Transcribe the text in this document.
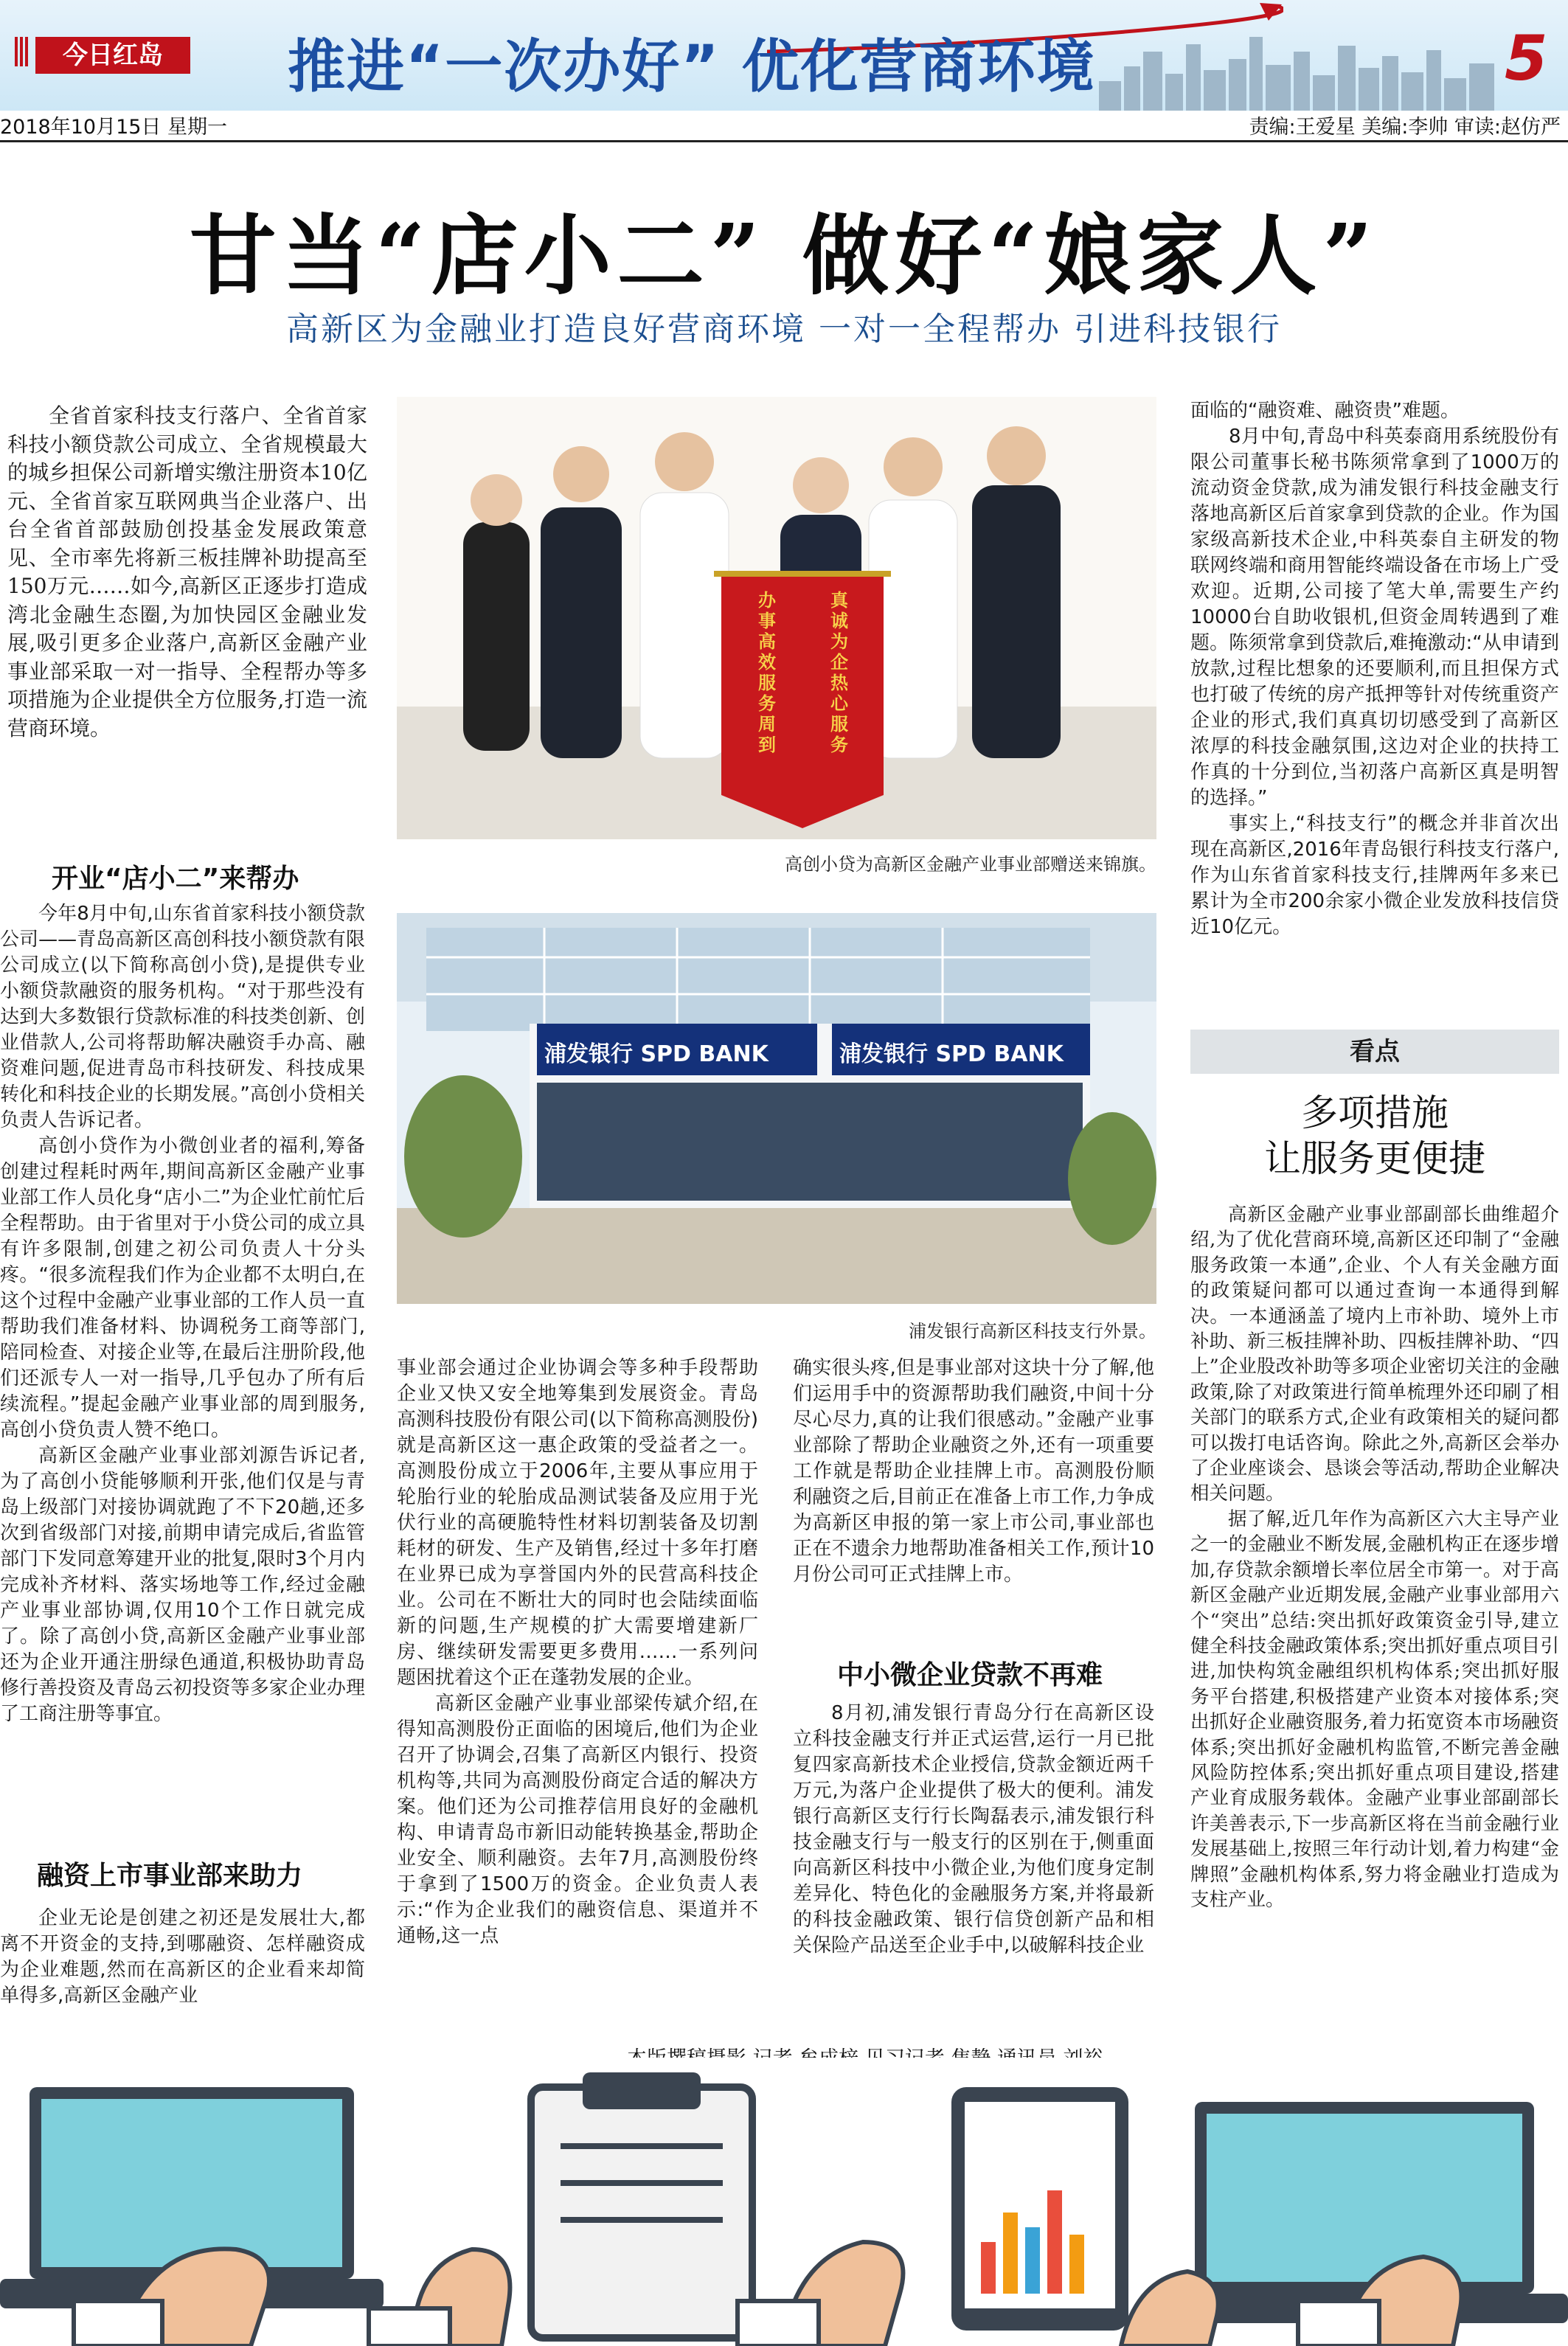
今日红岛	推进“一次办好” 优化营商环境	5
2018年10月15日 星期一	责编:王爱星 美编:李帅 审读:赵仿严
甘当“店小二” 做好“娘家人”
高新区为金融业打造良好营商环境 一对一全程帮办 引进科技银行

全省首家科技支行落户、全省首家科技小额贷款公司成立、全省规模最大的城乡担保公司新增实缴注册资本10亿元、全省首家互联网典当企业落户、出台全省首部鼓励创投基金发展政策意见、全市率先将新三板挂牌补助提高至150万元……如今,高新区正逐步打造成湾北金融生态圈,为加快园区金融业发展,吸引更多企业落户,高新区金融产业事业部采取一对一指导、全程帮办等多项措施为企业提供全方位服务,打造一流营商环境。

开业“店小二”来帮办

今年8月中旬,山东省首家科技小额贷款公司——青岛高新区高创科技小额贷款有限公司成立(以下简称高创小贷),是提供专业小额贷款融资的服务机构。“对于那些没有达到大多数银行贷款标准的科技类创新、创业借款人,公司将帮助解决融资手办高、融资难问题,促进青岛市科技研发、科技成果转化和科技企业的长期发展。”高创小贷相关负责人告诉记者。

高创小贷作为小微创业者的福利,筹备创建过程耗时两年,期间高新区金融产业事业部工作人员化身“店小二”为企业忙前忙后全程帮助。由于省里对于小贷公司的成立具有许多限制,创建之初公司负责人十分头疼。“很多流程我们作为企业都不太明白,在这个过程中金融产业事业部的工作人员一直帮助我们准备材料、协调税务工商等部门,陪同检查、对接企业等,在最后注册阶段,他们还派专人一对一指导,几乎包办了所有后续流程。”提起金融产业事业部的周到服务,高创小贷负责人赞不绝口。

高新区金融产业事业部刘源告诉记者,为了高创小贷能够顺利开张,他们仅是与青岛上级部门对接协调就跑了不下20趟,还多次到省级部门对接,前期申请完成后,省监管部门下发同意筹建开业的批复,限时3个月内完成补齐材料、落实场地等工作,经过金融产业事业部协调,仅用10个工作日就完成了。除了高创小贷,高新区金融产业事业部还为企业开通注册绿色通道,积极协助青岛修行善投资及青岛云初投资等多家企业办理了工商注册等事宜。

融资上市事业部来助力

企业无论是创建之初还是发展壮大,都离不开资金的支持,到哪融资、怎样融资成为企业难题,然而在高新区的企业看来却简单得多,高新区金融产业

真诚为企 热心服务
办事高效 服务周到
高创小贷为高新区金融产业事业部赠送来锦旗。
浦发银行 SPD BANK	浦发银行 SPD BANK
浦发银行高新区科技支行外景。

事业部会通过企业协调会等多种手段帮助企业又快又安全地筹集到发展资金。青岛高测科技股份有限公司(以下简称高测股份)就是高新区这一惠企政策的受益者之一。高测股份成立于2006年,主要从事应用于轮胎行业的轮胎成品测试装备及应用于光伏行业的高硬脆特性材料切割装备及切割耗材的研发、生产及销售,经过十多年打磨在业界已成为享誉国内外的民营高科技企业。公司在不断壮大的同时也会陆续面临新的问题,生产规模的扩大需要增建新厂房、继续研发需要更多费用……一系列问题困扰着这个正在蓬勃发展的企业。

高新区金融产业事业部梁传斌介绍,在得知高测股份正面临的困境后,他们为企业召开了协调会,召集了高新区内银行、投资机构等,共同为高测股份商定合适的解决方案。他们还为公司推荐信用良好的金融机构、申请青岛市新旧动能转换基金,帮助企业安全、顺利融资。去年7月,高测股份终于拿到了1500万的资金。企业负责人表示:“作为企业我们的融资信息、渠道并不通畅,这一点

确实很头疼,但是事业部对这块十分了解,他们运用手中的资源帮助我们融资,中间十分尽心尽力,真的让我们很感动。”金融产业事业部除了帮助企业融资之外,还有一项重要工作就是帮助企业挂牌上市。高测股份顺利融资之后,目前正在准备上市工作,力争成为高新区申报的第一家上市公司,事业部也正在不遗余力地帮助准备相关工作,预计10月份公司可正式挂牌上市。

中小微企业贷款不再难

8月初,浦发银行青岛分行在高新区设立科技金融支行并正式运营,运行一月已批复四家高新技术企业授信,贷款金额近两千万元,为落户企业提供了极大的便利。浦发银行高新区支行行长陶磊表示,浦发银行科技金融支行与一般支行的区别在于,侧重面向高新区科技中小微企业,为他们度身定制差异化、特色化的金融服务方案,并将最新的科技金融政策、银行信贷创新产品和相关保险产品送至企业手中,以破解科技企业

面临的“融资难、融资贵”难题。

8月中旬,青岛中科英泰商用系统股份有限公司董事长秘书陈须常拿到了1000万的流动资金贷款,成为浦发银行科技金融支行落地高新区后首家拿到贷款的企业。作为国家级高新技术企业,中科英泰自主研发的物联网终端和商用智能终端设备在市场上广受欢迎。近期,公司接了笔大单,需要生产约10000台自助收银机,但资金周转遇到了难题。陈须常拿到贷款后,难掩激动:“从申请到放款,过程比想象的还要顺利,而且担保方式也打破了传统的房产抵押等针对传统重资产企业的形式,我们真真切切感受到了高新区浓厚的科技金融氛围,这边对企业的扶持工作真的十分到位,当初落户高新区真是明智的选择。”

事实上,“科技支行”的概念并非首次出现在高新区,2016年青岛银行科技支行落户,作为山东省首家科技支行,挂牌两年多来已累计为全市200余家小微企业发放科技信贷近10亿元。

看点
多项措施
让服务更便捷

高新区金融产业事业部副部长曲维超介绍,为了优化营商环境,高新区还印制了“金融服务政策一本通”,企业、个人有关金融方面的政策疑问都可以通过查询一本通得到解决。一本通涵盖了境内上市补助、境外上市补助、新三板挂牌补助、四板挂牌补助、“四上”企业股改补助等多项企业密切关注的金融政策,除了对政策进行简单梳理外还印刷了相关部门的联系方式,企业有政策相关的疑问都可以拨打电话咨询。除此之外,高新区会举办了企业座谈会、恳谈会等活动,帮助企业解决相关问题。

据了解,近几年作为高新区六大主导产业之一的金融业不断发展,金融机构正在逐步增加,存贷款余额增长率位居全市第一。对于高新区金融产业近期发展,金融产业事业部用六个“突出”总结:突出抓好政策资金引导,建立健全科技金融政策体系;突出抓好重点项目引进,加快构筑金融组织机构体系;突出抓好服务平台搭建,积极搭建产业资本对接体系;突出抓好企业融资服务,着力拓宽资本市场融资体系;突出抓好金融机构监管,不断完善金融风险防控体系;突出抓好重点项目建设,搭建产业育成服务载体。金融产业事业部副部长许美善表示,下一步高新区将在当前金融行业发展基础上,按照三年行动计划,着力构建“金牌照”金融机构体系,努力将金融业打造成为支柱产业。
